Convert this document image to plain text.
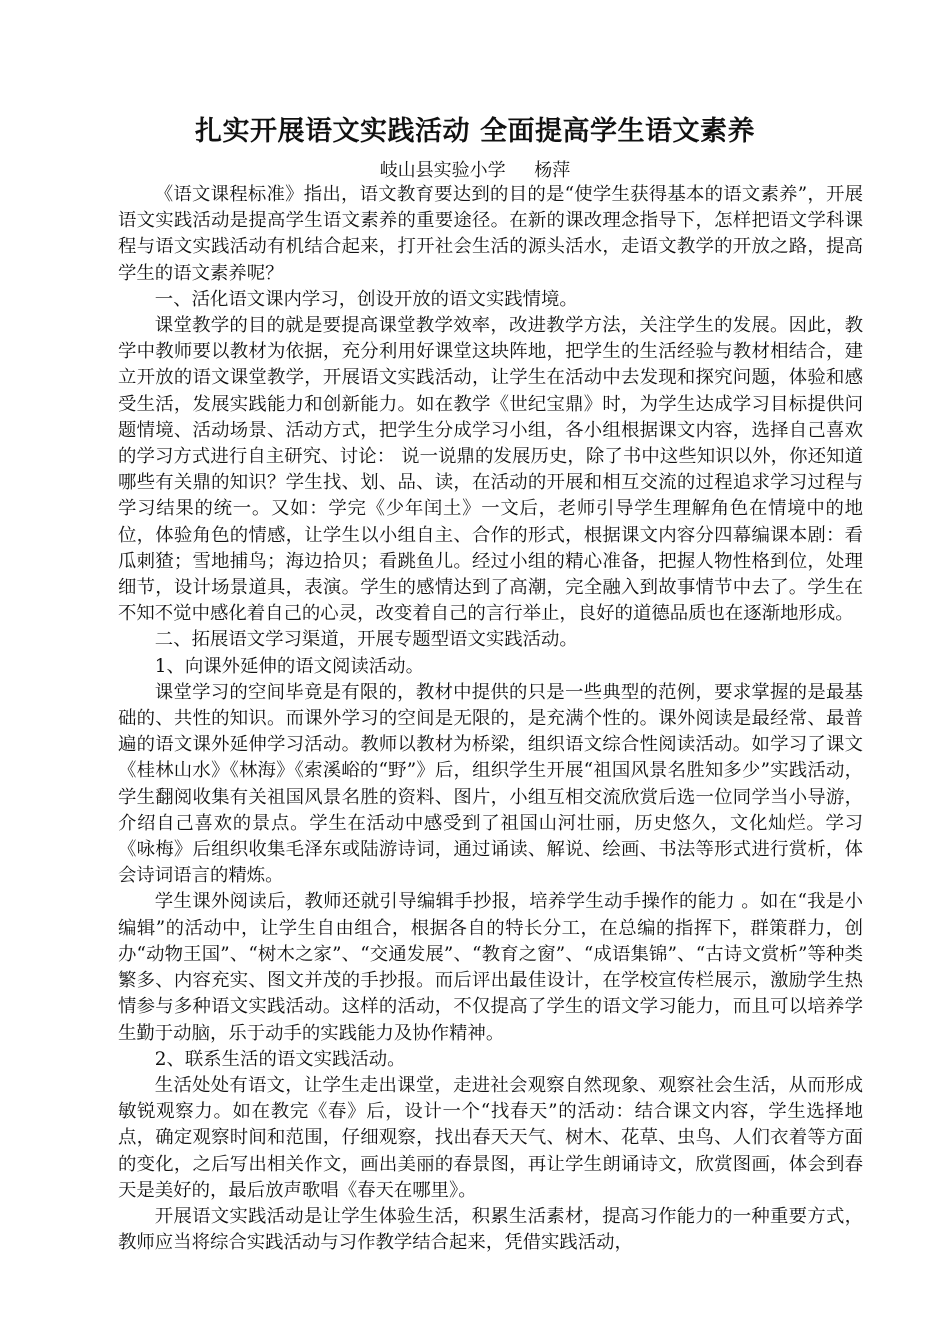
扎实开展语文实践活动 全面提高学生语文素养
岐山县实验小学     杨萍

《语文课程标准》指出，语文教育要达到的目的是“使学生获得基本的语文素养”，开展语文实践活动是提高学生语文素养的重要途径。在新的课改理念指导下，怎样把语文学科课程与语文实践活动有机结合起来，打开社会生活的源头活水，走语文教学的开放之路，提高学生的语文素养呢？

一、活化语文课内学习，创设开放的语文实践情境。

课堂教学的目的就是要提高课堂教学效率，改进教学方法，关注学生的发展。因此，教学中教师要以教材为依据，充分利用好课堂这块阵地，把学生的生活经验与教材相结合，建立开放的语文课堂教学，开展语文实践活动，让学生在活动中去发现和探究问题，体验和感受生活，发展实践能力和创新能力。如在教学《世纪宝鼎》时，为学生达成学习目标提供问题情境、活动场景、活动方式，把学生分成学习小组，各小组根据课文内容，选择自己喜欢的学习方式进行自主研究、讨论： 说一说鼎的发展历史，除了书中这些知识以外，你还知道哪些有关鼎的知识？学生找、划、品、读，在活动的开展和相互交流的过程追求学习过程与学习结果的统一。又如：学完《少年闰土》一文后，老师引导学生理解角色在情境中的地位，体验角色的情感，让学生以小组自主、合作的形式，根据课文内容分四幕编课本剧：看瓜刺猹；雪地捕鸟；海边拾贝；看跳鱼儿。经过小组的精心准备，把握人物性格到位，处理细节，设计场景道具，表演。学生的感情达到了高潮，完全融入到故事情节中去了。学生在不知不觉中感化着自己的心灵，改变着自己的言行举止，良好的道德品质也在逐渐地形成。

二、拓展语文学习渠道，开展专题型语文实践活动。

1、向课外延伸的语文阅读活动。

课堂学习的空间毕竟是有限的，教材中提供的只是一些典型的范例，要求掌握的是最基础的、共性的知识。而课外学习的空间是无限的，是充满个性的。课外阅读是最经常、最普遍的语文课外延伸学习活动。教师以教材为桥梁，组织语文综合性阅读活动。如学习了课文《桂林山水》《林海》《索溪峪的“野”》后，组织学生开展“祖国风景名胜知多少”实践活动，学生翻阅收集有关祖国风景名胜的资料、图片，小组互相交流欣赏后选一位同学当小导游，介绍自己喜欢的景点。学生在活动中感受到了祖国山河壮丽，历史悠久，文化灿烂。学习《咏梅》后组织收集毛泽东或陆游诗词，通过诵读、解说、绘画、书法等形式进行赏析，体会诗词语言的精炼。

学生课外阅读后，教师还就引导编辑手抄报，培养学生动手操作的能力 。如在“我是小编辑”的活动中，让学生自由组合，根据各自的特长分工，在总编的指挥下，群策群力，创办“动物王国”、“树木之家”、“交通发展”、“教育之窗”、“成语集锦”、“古诗文赏析”等种类繁多、内容充实、图文并茂的手抄报。而后评出最佳设计，在学校宣传栏展示，激励学生热情参与多种语文实践活动。这样的活动，不仅提高了学生的语文学习能力，而且可以培养学生勤于动脑，乐于动手的实践能力及协作精神。

2、联系生活的语文实践活动。

生活处处有语文，让学生走出课堂，走进社会观察自然现象、观察社会生活，从而形成敏锐观察力。如在教完《春》后，设计一个“找春天”的活动：结合课文内容，学生选择地点，确定观察时间和范围，仔细观察，找出春天天气、树木、花草、虫鸟、人们衣着等方面的变化，之后写出相关作文，画出美丽的春景图，再让学生朗诵诗文，欣赏图画，体会到春天是美好的，最后放声歌唱《春天在哪里》。

开展语文实践活动是让学生体验生活，积累生活素材，提高习作能力的一种重要方式，教师应当将综合实践活动与习作教学结合起来，凭借实践活动，
